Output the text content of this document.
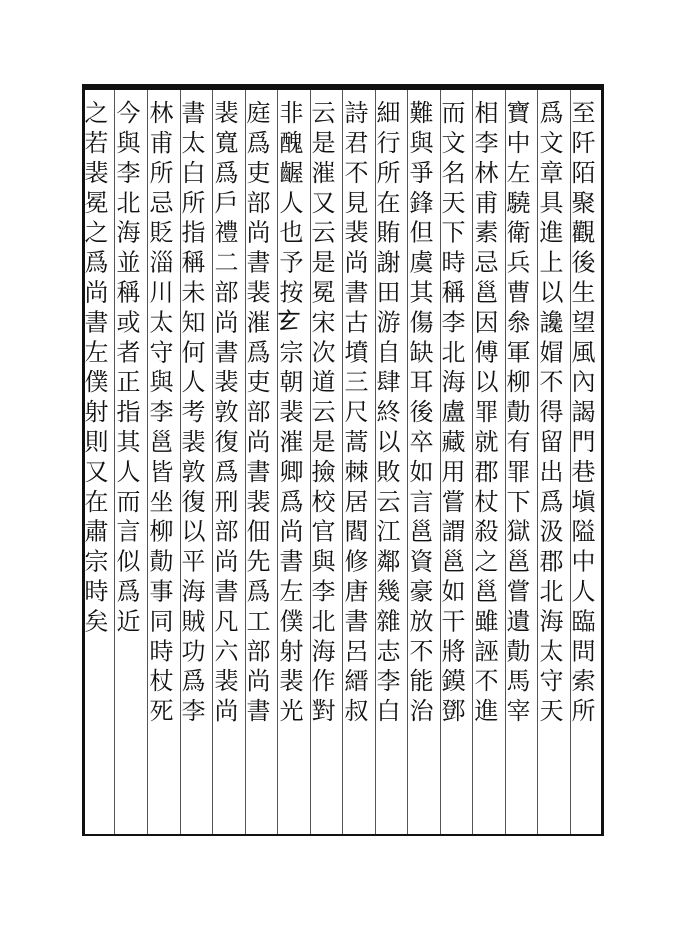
至阡陌聚觀後生望風內謁門巷塡隘中人臨問索所
爲文章具進上以讒媢不得留出爲汲郡北海太守天
寶中左驍衛兵曹叅軍柳勣有罪下獄邕嘗遺勣馬宰
相李林甫素忌邕因傅以罪就郡杖殺之邕雖誣不進
而文名天下時稱李北海盧藏用嘗謂邕如干將鏌鄧
難與爭鋒但虞其傷缺耳後卒如言邕資豪放不能治
細行所在賄謝田游自肆終以敗云江鄰幾雜志李白
詩君不見裴尚書古墳三尺蒿棘居閻修唐書呂縉叔
云是漼又云是冕宋次道云是撿校官與李北海作對
非醜齷人也予按𤣥宗朝裴漼卿爲尚書左僕射裴光
庭爲吏部尚書裴漼爲吏部尚書裴佃先爲工部尚書
裴寬爲戶禮二部尚書裴敦復爲刑部尚書凡六裴尚
書太白所指稱未知何人考裴敦復以平海賊功爲李
林甫所忌貶淄川太守與李邕皆坐柳勣事同時杖死
今與李北海並稱或者正指其人而言似爲近
之若裴冕之爲尚書左僕射則又在肅宗時矣
